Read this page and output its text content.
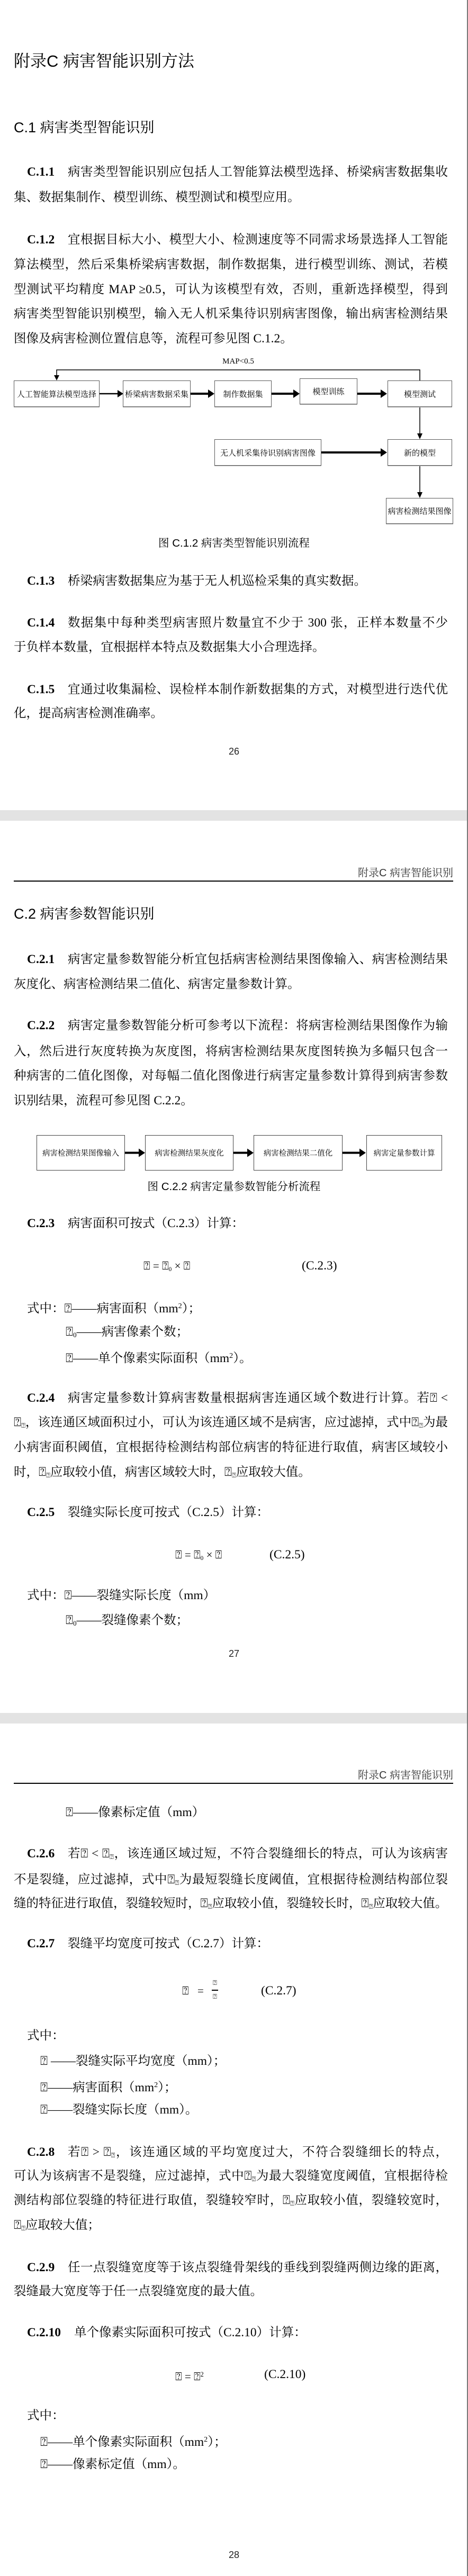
附录C 病害智能识别方法
C.1 病害类型智能识别
C.1.1 病害类型智能识别应包括人工智能算法模型选择、桥梁病害数据集收
集、数据集制作、模型训练、模型测试和模型应用。
C.1.2 宜根据目标大小、模型大小、检测速度等不同需求场景选择人工智能
算法模型，然后采集桥梁病害数据，制作数据集，进行模型训练、测试，若模
型测试平均精度 MAP ≥0.5，可认为该模型有效，否则，重新选择模型，得到
病害类型智能识别模型，输入无人机采集待识别病害图像，输出病害检测结果
图像及病害检测位置信息等，流程可参见图 C.1.2。
MAP<0.5
人工智能算法模型选择	桥梁病害数据采集	制作数据集	模型训练	模型测试
无人机采集待识别病害图像	新的模型
病害检测结果图像
图 C.1.2 病害类型智能识别流程
C.1.3 桥梁病害数据集应为基于无人机巡检采集的真实数据。
C.1.4 数据集中每种类型病害照片数量宜不少于 300 张，正样本数量不少
于负样本数量，宜根据样本特点及数据集大小合理选择。
C.1.5 宜通过收集漏检、误检样本制作新数据集的方式，对模型进行迭代优
化，提高病害检测准确率。
26
附录C 病害智能识别
C.2 病害参数智能识别
C.2.1 病害定量参数智能分析宜包括病害检测结果图像输入、病害检测结果
灰度化、病害检测结果二值化、病害定量参数计算。
C.2.2 病害定量参数智能分析可参考以下流程：将病害检测结果图像作为输
入，然后进行灰度转换为灰度图，将病害检测结果灰度图转换为多幅只包含一
种病害的二值化图像，对每幅二值化图像进行病害定量参数计算得到病害参数
识别结果，流程可参见图 C.2.2。
病害检测结果图像输入	病害检测结果灰度化	病害检测结果二值化	病害定量参数计算
图 C.2.2 病害定量参数智能分析流程
C.2.3 病害面积可按式（C.2.3）计算：
⍰ = $⍰_0$ × ⍰	(C.2.3)
式中：⍰——病害面积$(mm^2)$；
$⍰_0——$病害像素个数；
⍰——单个像素实际面积$(mm^2)$。
C.2.4 病害定量参数计算病害数量根据病害连通区域个数进行计算。若⍰ <
$⍰_⍰$，该连通区域面积过小，可认为该连通区域不是病害，应过滤掉，式中$⍰_⍰$为最
小病害面积阈值，宜根据待检测结构部位病害的特征进行取值，病害区域较小
时，$⍰_⍰$应取较小值，病害区域较大时，$⍰_⍰$应取较大值。
C.2.5 裂缝实际长度可按式（C.2.5）计算：
⍰ = $⍰_0$ × ⍰	(C.2.5)
式中：⍰——裂缝实际长度（mm）
$⍰_0——$裂缝像素个数；
27
附录C 病害智能识别
⍰——像素标定值（mm）
C.2.6 若⍰ < $⍰_⍰$，该连通区域过短，不符合裂缝细长的特点，可认为该病害
不是裂缝，应过滤掉，式中$⍰_⍰$为最短裂缝长度阈值，宜根据待检测结构部位裂
缝的特征进行取值，裂缝较短时，$⍰_⍰$应取较小值，裂缝较长时，$⍰_⍰$应取较大值。
C.2.7 裂缝平均宽度可按式（C.2.7）计算：
⍰ =
⍰
⍰	(C.2.7)
式中：
⍰ ——裂缝实际平均宽度（mm）；
⍰——病害面积$(mm^2)$；
⍰——裂缝实际长度（mm）。
C.2.8 若⍰ > $⍰_⍰$，该连通区域的平均宽度过大，不符合裂缝细长的特点，
可认为该病害不是裂缝，应过滤掉，式中$⍰_⍰$为最大裂缝宽度阈值，宜根据待检
测结构部位裂缝的特征进行取值，裂缝较窄时，$⍰_⍰$应取较小值，裂缝较宽时，
$⍰_⍰$应取较大值；
C.2.9 任一点裂缝宽度等于该点裂缝骨架线的垂线到裂缝两侧边缘的距离，
裂缝最大宽度等于任一点裂缝宽度的最大值。
C.2.10 单个像素实际面积可按式（C.2.10）计算：
⍰ = ⍰$^2$	(C.2.10)
式中：
⍰——单个像素实际面积$(mm^2)$；
⍰——像素标定值（mm）。
28
